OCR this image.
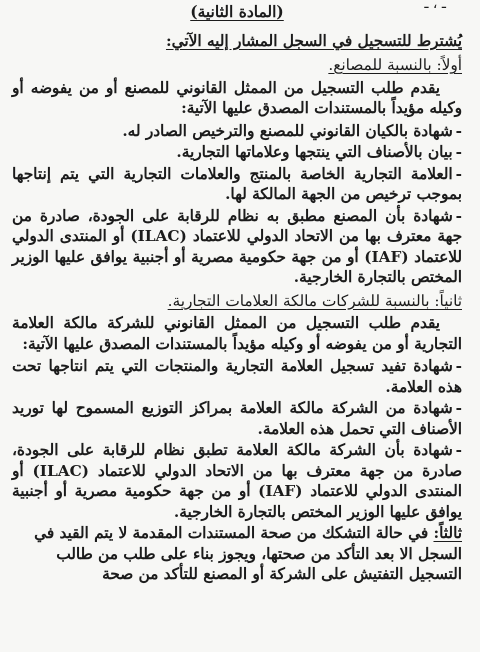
ـ ، ـ
(المادة الثانية)

يُشترط للتسجيل في السجل المشار إليه الآتي:

أولاً: بالنسبة للمصانع.

يقدم طلب التسجيل من الممثل القانوني للمصنع أو من يفوضه أو وكيله مؤيداً بالمستندات المصدق عليها الآتية:

-شهادة بالكيان القانوني للمصنع والترخيص الصادر له.

-بيان بالأصناف التي ينتجها وعلاماتها التجارية.

-العلامة التجارية الخاصة بالمنتج والعلامات التجارية التي يتم إنتاجها بموجب ترخيص من الجهة المالكة لها.

-شهادة بأن المصنع مطبق به نظام للرقابة على الجودة، صادرة من جهة معترف بها من الاتحاد الدولي للاعتماد (ILAC) أو المنتدى الدولي للاعتماد (IAF) أو من جهة حكومية مصرية أو أجنبية يوافق عليها الوزير المختص بالتجارة الخارجية.

ثانياً: بالنسبة للشركات مالكة العلامات التجارية.

يقدم طلب التسجيل من الممثل القانوني للشركة مالكة العلامة التجارية أو من يفوضه أو وكيله مؤيداً بالمستندات المصدق عليها الآتية:

-شهادة تفيد تسجيل العلامة التجارية والمنتجات التي يتم انتاجها تحت هذه العلامة.

-شهادة من الشركة مالكة العلامة بمراكز التوزيع المسموح لها توريد الأصناف التي تحمل هذه العلامة.

-شهادة بأن الشركة مالكة العلامة تطبق نظام للرقابة على الجودة، صادرة من جهة معترف بها من الاتحاد الدولي للاعتماد (ILAC) أو المنتدى الدولي للاعتماد (IAF) أو من جهة حكومية مصرية أو أجنبية يوافق عليها الوزير المختص بالتجارة الخارجية.

ثالثاً: في حالة التشكك من صحة المستندات المقدمة لا يتم القيد في السجل الا بعد التأكد من صحتها، ويجوز بناء على طلب من طالب التسجيل التفتيش على الشركة أو المصنع للتأكد من صحة
